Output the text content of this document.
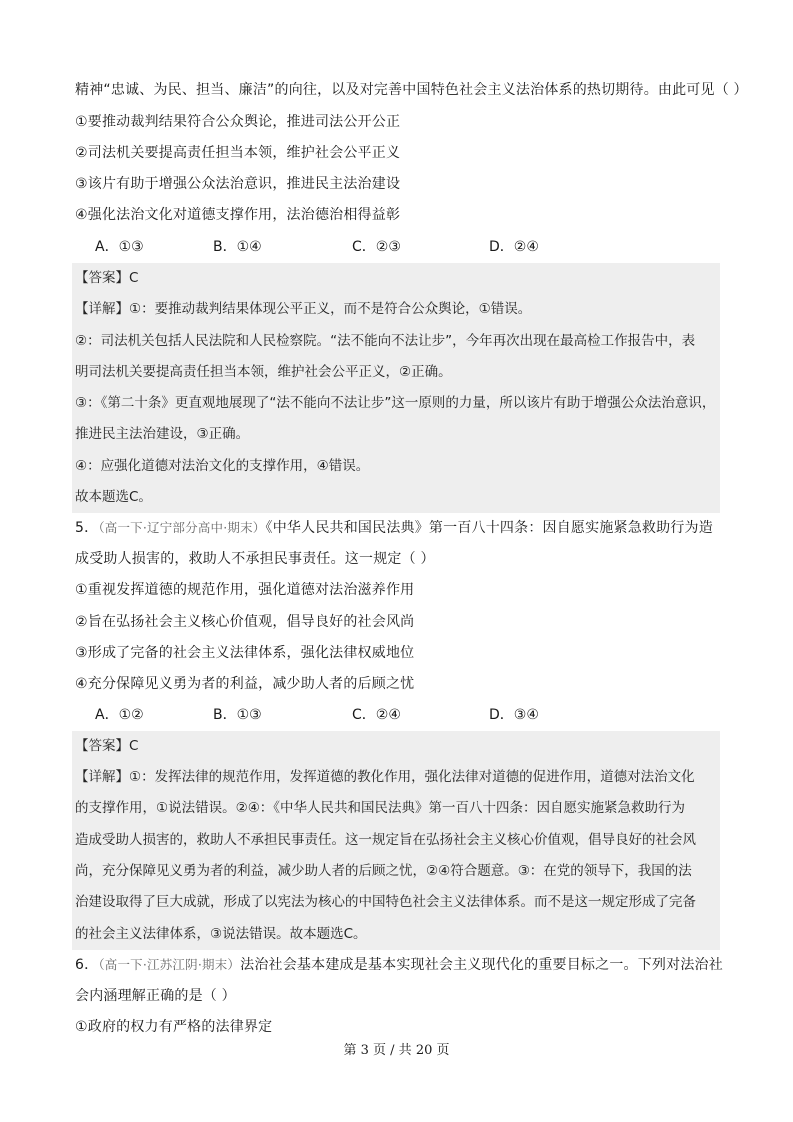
精神“忠诚、为民、担当、廉洁”的向往，以及对完善中国特色社会主义法治体系的热切期待。由此可见（ ）
①要推动裁判结果符合公众舆论，推进司法公开公正
②司法机关要提高责任担当本领，维护社会公平正义
③该片有助于增强公众法治意识，推进民主法治建设
④强化法治文化对道德支撑作用，法治德治相得益彰
A．①③	B．①④	C．②③	D．②④
【答案】C
【详解】①：要推动裁判结果体现公平正义，而不是符合公众舆论，①错误。
②：司法机关包括人民法院和人民检察院。“法不能向不法让步”，今年再次出现在最高检工作报告中，表
明司法机关要提高责任担当本领，维护社会公平正义，②正确。
③：《第二十条》更直观地展现了“法不能向不法让步”这一原则的力量，所以该片有助于增强公众法治意识，
推进民主法治建设，③正确。
④：应强化道德对法治文化的支撑作用，④错误。
故本题选C。
5．（高一下·辽宁部分高中·期末）《中华人民共和国民法典》第一百八十四条：因自愿实施紧急救助行为造
成受助人损害的，救助人不承担民事责任。这一规定（ ）
①重视发挥道德的规范作用，强化道德对法治滋养作用
②旨在弘扬社会主义核心价值观，倡导良好的社会风尚
③形成了完备的社会主义法律体系，强化法律权威地位
④充分保障见义勇为者的利益，减少助人者的后顾之忧
A．①②	B．①③	C．②④	D．③④
【答案】C
【详解】①：发挥法律的规范作用，发挥道德的教化作用，强化法律对道德的促进作用，道德对法治文化
的支撑作用，①说法错误。②④：《中华人民共和国民法典》第一百八十四条：因自愿实施紧急救助行为
造成受助人损害的，救助人不承担民事责任。这一规定旨在弘扬社会主义核心价值观，倡导良好的社会风
尚，充分保障见义勇为者的利益，减少助人者的后顾之忧，②④符合题意。③：在党的领导下，我国的法
治建设取得了巨大成就，形成了以宪法为核心的中国特色社会主义法律体系。而不是这一规定形成了完备
的社会主义法律体系，③说法错误。故本题选C。
6．（高一下·江苏江阴·期末）法治社会基本建成是基本实现社会主义现代化的重要目标之一。下列对法治社
会内涵理解正确的是（ ）
①政府的权力有严格的法律界定
第 3 页 / 共 20 页
